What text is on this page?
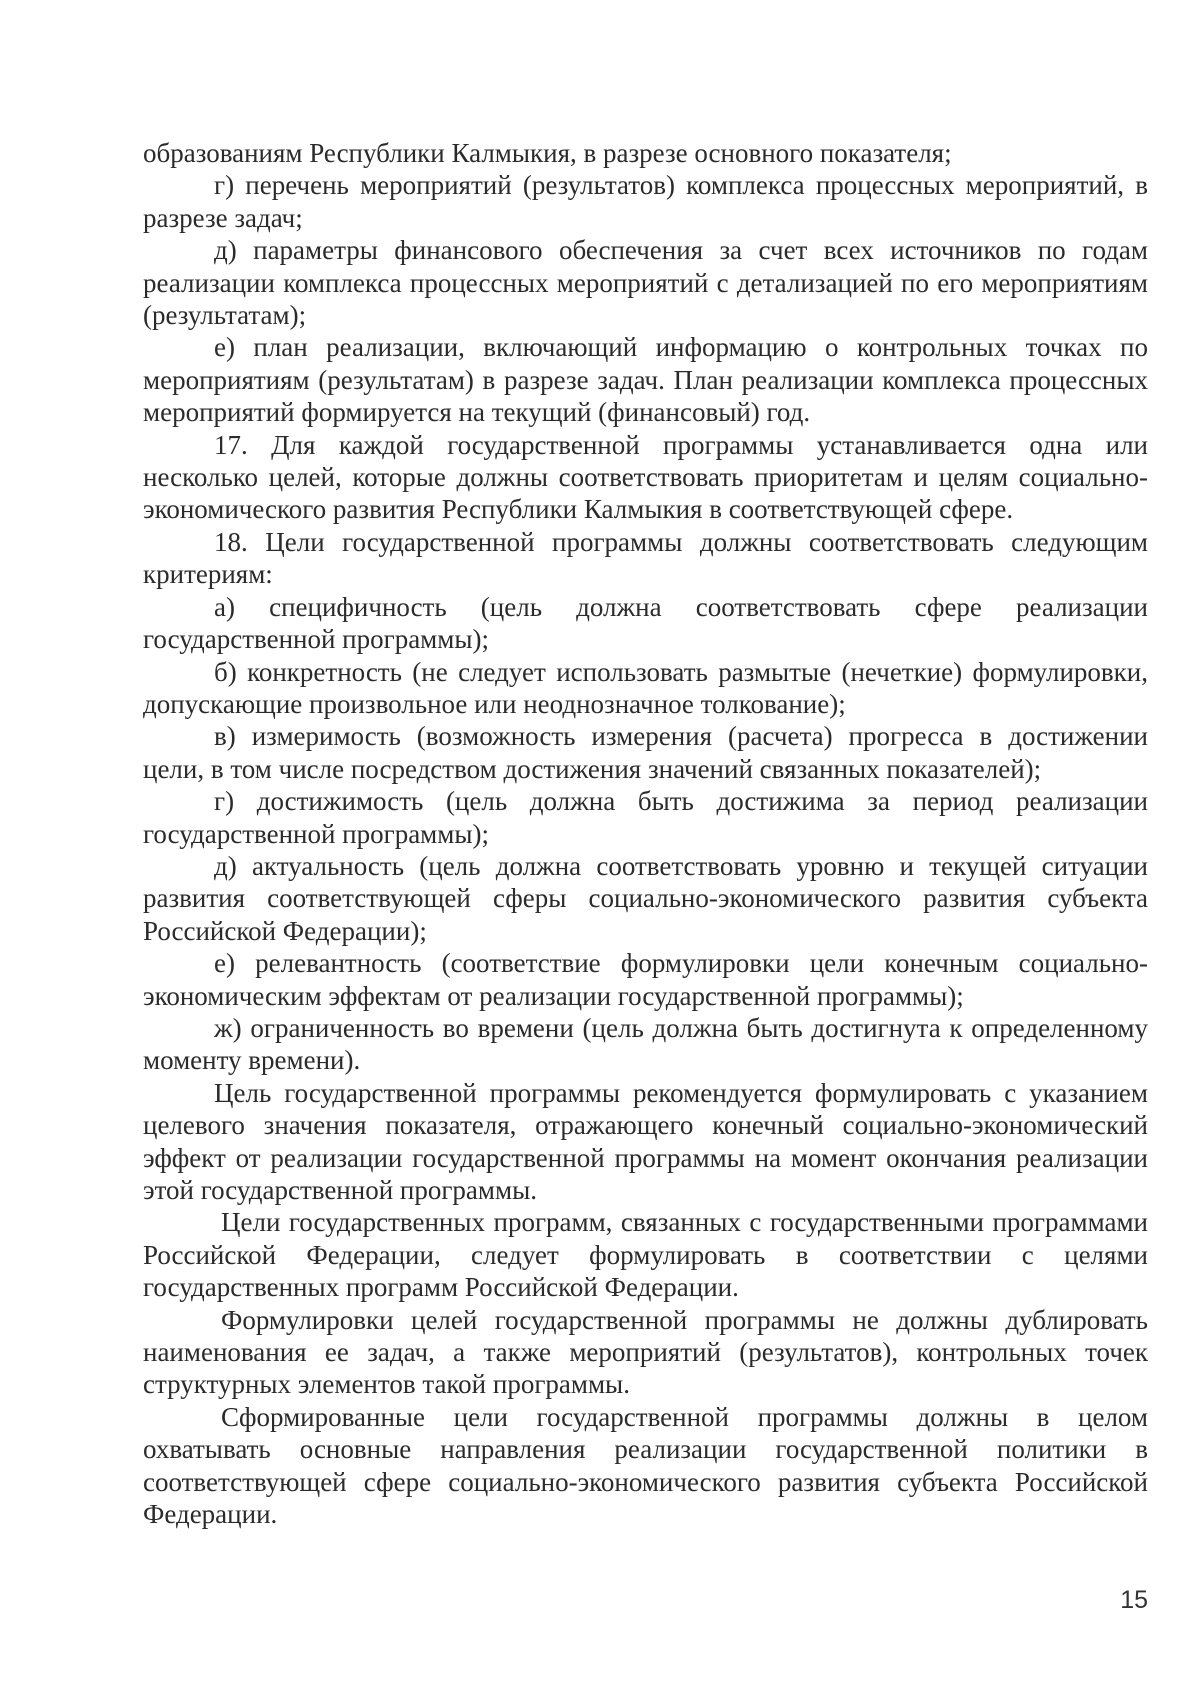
образованиям Республики Калмыкия, в разрезе основного показателя;

г) перечень мероприятий (результатов) комплекса процессных мероприятий, в разрезе задач;

д) параметры финансового обеспечения за счет всех источников по годам реализации комплекса процессных мероприятий с детализацией по его мероприятиям (результатам);

е) план реализации, включающий информацию о контрольных точках по мероприятиям (результатам) в разрезе задач. План реализации комплекса процессных мероприятий формируется на текущий (финансовый) год.

17. Для каждой государственной программы устанавливается одна или несколько целей, которые должны соответствовать приоритетам и целям социально-экономического развития Республики Калмыкия в соответствующей сфере.

18. Цели государственной программы должны соответствовать следующим критериям:

а) специфичность (цель должна соответствовать сфере реализации государственной программы);

б) конкретность (не следует использовать размытые (нечеткие) формулировки, допускающие произвольное или неоднозначное толкование);

в) измеримость (возможность измерения (расчета) прогресса в достижении цели, в том числе посредством достижения значений связанных показателей);

г) достижимость (цель должна быть достижима за период реализации государственной программы);

д) актуальность (цель должна соответствовать уровню и текущей ситуации развития соответствующей сферы социально-экономического развития субъекта Российской Федерации);

е) релевантность (соответствие формулировки цели конечным социально-экономическим эффектам от реализации государственной программы);

ж) ограниченность во времени (цель должна быть достигнута к определенному моменту времени).

Цель государственной программы рекомендуется формулировать с указанием целевого значения показателя, отражающего конечный социально-экономический эффект от реализации государственной программы на момент окончания реализации этой государственной программы.

Цели государственных программ, связанных с государственными программами Российской Федерации, следует формулировать в соответствии с целями государственных программ Российской Федерации.

Формулировки целей государственной программы не должны дублировать наименования ее задач, а также мероприятий (результатов), контрольных точек структурных элементов такой программы.

Сформированные цели государственной программы должны в целом охватывать основные направления реализации государственной политики в соответствующей сфере социально-экономического развития субъекта Российской Федерации.

15
